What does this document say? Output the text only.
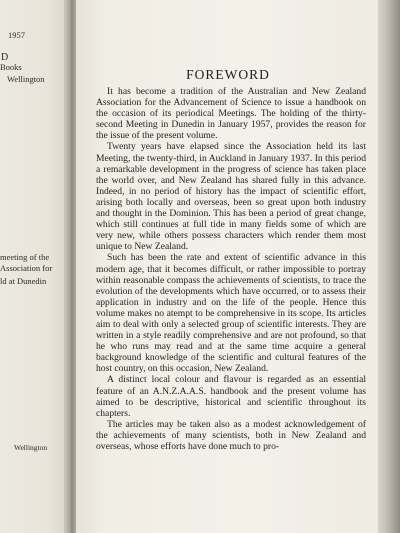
1957
D
Books
Wellington
meeting of the
Association for
ld at Dunedin
Wellington
FOREWORD

It has become a tradition of the Australian and New Zealand Association for the Advancement of Science to issue a handbook on the occasion of its periodical Meetings. The holding of the thirty-second Meeting in Dunedin in January 1957, provides the reason for the issue of the present volume.

Twenty years have elapsed since the Association held its last Meeting, the twenty-third, in Auckland in January 1937. In this period a remarkable development in the progress of science has taken place the world over, and New Zealand has shared fully in this advance. Indeed, in no period of history has the impact of scientific effort, arising both locally and overseas, been so great upon both industry and thought in the Dominion. This has been a period of great change, which still continues at full tide in many fields some of which are very new, while others possess characters which render them most unique to New Zealand.

Such has been the rate and extent of scientific advance in this modern age, that it becomes difficult, or rather impossible to portray within reasonable compass the achievements of scientists, to trace the evolution of the developments which have occurred, or to assess their application in industry and on the life of the people. Hence this volume makes no atempt to be comprehensive in its scope. Its articles aim to deal with only a selected group of scientific interests. They are written in a style readily comprehensive and are not profound, so that he who runs may read and at the same time acquire a general background knowledge of the scientific and cultural features of the host country, on this occasion, New Zealand.

A distinct local colour and flavour is regarded as an essential feature of an A.N.Z.A.A.S. handbook and the present volume has aimed to be descriptive, historical and scientific throughout its chapters.

The articles may be taken also as a modest acknowledgement of the achievements of many scientists, both in New Zealand and overseas, whose efforts have done much to pro-
